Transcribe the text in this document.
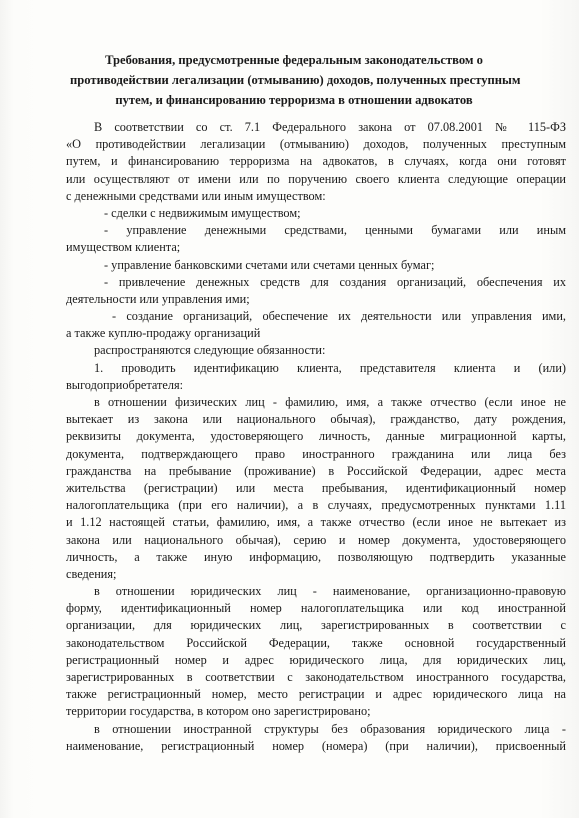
Требования, предусмотренные федеральным законодательством о
противодействии легализации (отмыванию) доходов, полученных преступным
путем, и финансированию терроризма в отношении адвокатов
В соответствии со ст. 7.1 Федерального закона от 07.08.2001 № 115-ФЗ
«О противодействии легализации (отмыванию) доходов, полученных преступным
путем, и финансированию терроризма на адвокатов, в случаях, когда они готовят
или осуществляют от имени или по поручению своего клиента следующие операции
с денежными средствами или иным имуществом:
- сделки с недвижимым имуществом;
- управление денежными средствами, ценными бумагами или иным
имуществом клиента;
- управление банковскими счетами или счетами ценных бумаг;
- привлечение денежных средств для создания организаций, обеспечения их
деятельности или управления ими;
- создание организаций, обеспечение их деятельности или управления ими,
а также куплю-продажу организаций
распространяются следующие обязанности:
1. проводить идентификацию клиента, представителя клиента и (или)
выгодоприобретателя:
в отношении физических лиц - фамилию, имя, а также отчество (если иное не
вытекает из закона или национального обычая), гражданство, дату рождения,
реквизиты документа, удостоверяющего личность, данные миграционной карты,
документа, подтверждающего право иностранного гражданина или лица без
гражданства на пребывание (проживание) в Российской Федерации, адрес места
жительства (регистрации) или места пребывания, идентификационный номер
налогоплательщика (при его наличии), а в случаях, предусмотренных пунктами 1.11
и 1.12 настоящей статьи, фамилию, имя, а также отчество (если иное не вытекает из
закона или национального обычая), серию и номер документа, удостоверяющего
личность, а также иную информацию, позволяющую подтвердить указанные
сведения;
в отношении юридических лиц - наименование, организационно-правовую
форму, идентификационный номер налогоплательщика или код иностранной
организации, для юридических лиц, зарегистрированных в соответствии с
законодательством Российской Федерации, также основной государственный
регистрационный номер и адрес юридического лица, для юридических лиц,
зарегистрированных в соответствии с законодательством иностранного государства,
также регистрационный номер, место регистрации и адрес юридического лица на
территории государства, в котором оно зарегистрировано;
в отношении иностранной структуры без образования юридического лица -
наименование, регистрационный номер (номера) (при наличии), присвоенный
